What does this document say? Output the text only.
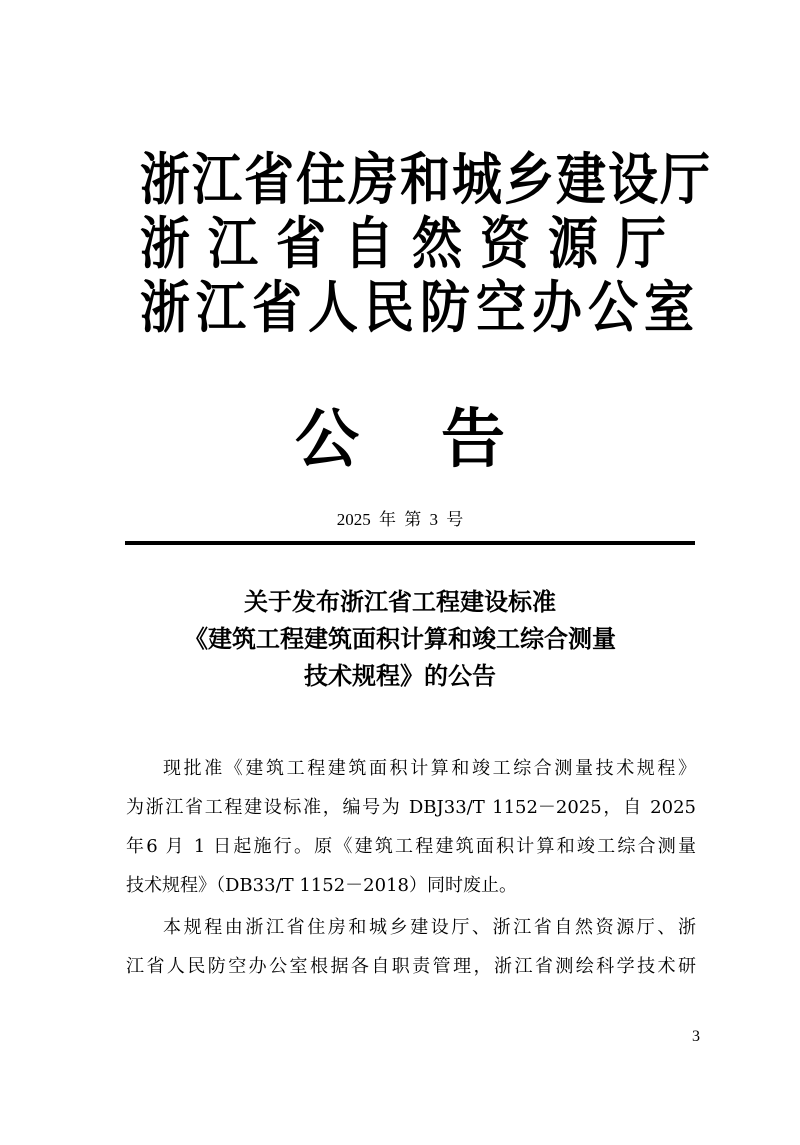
浙江省住房和城乡建设厅
浙江省自然资源厅
浙江省人民防空办公室
公告
2025 年 第 3 号
关于发布浙江省工程建设标准
《建筑工程建筑面积计算和竣工综合测量
技术规程》的公告
现批准《建筑工程建筑面积计算和竣工综合测量技术规程》
为浙江省工程建设标准，编号为 DBJ33/T 1152－2025，自 2025
年6 月 1 日起施行。原《建筑工程建筑面积计算和竣工综合测量
技术规程》（DB33/T 1152－2018）同时废止。
本规程由浙江省住房和城乡建设厅、浙江省自然资源厅、浙
江省人民防空办公室根据各自职责管理，浙江省测绘科学技术研
3
